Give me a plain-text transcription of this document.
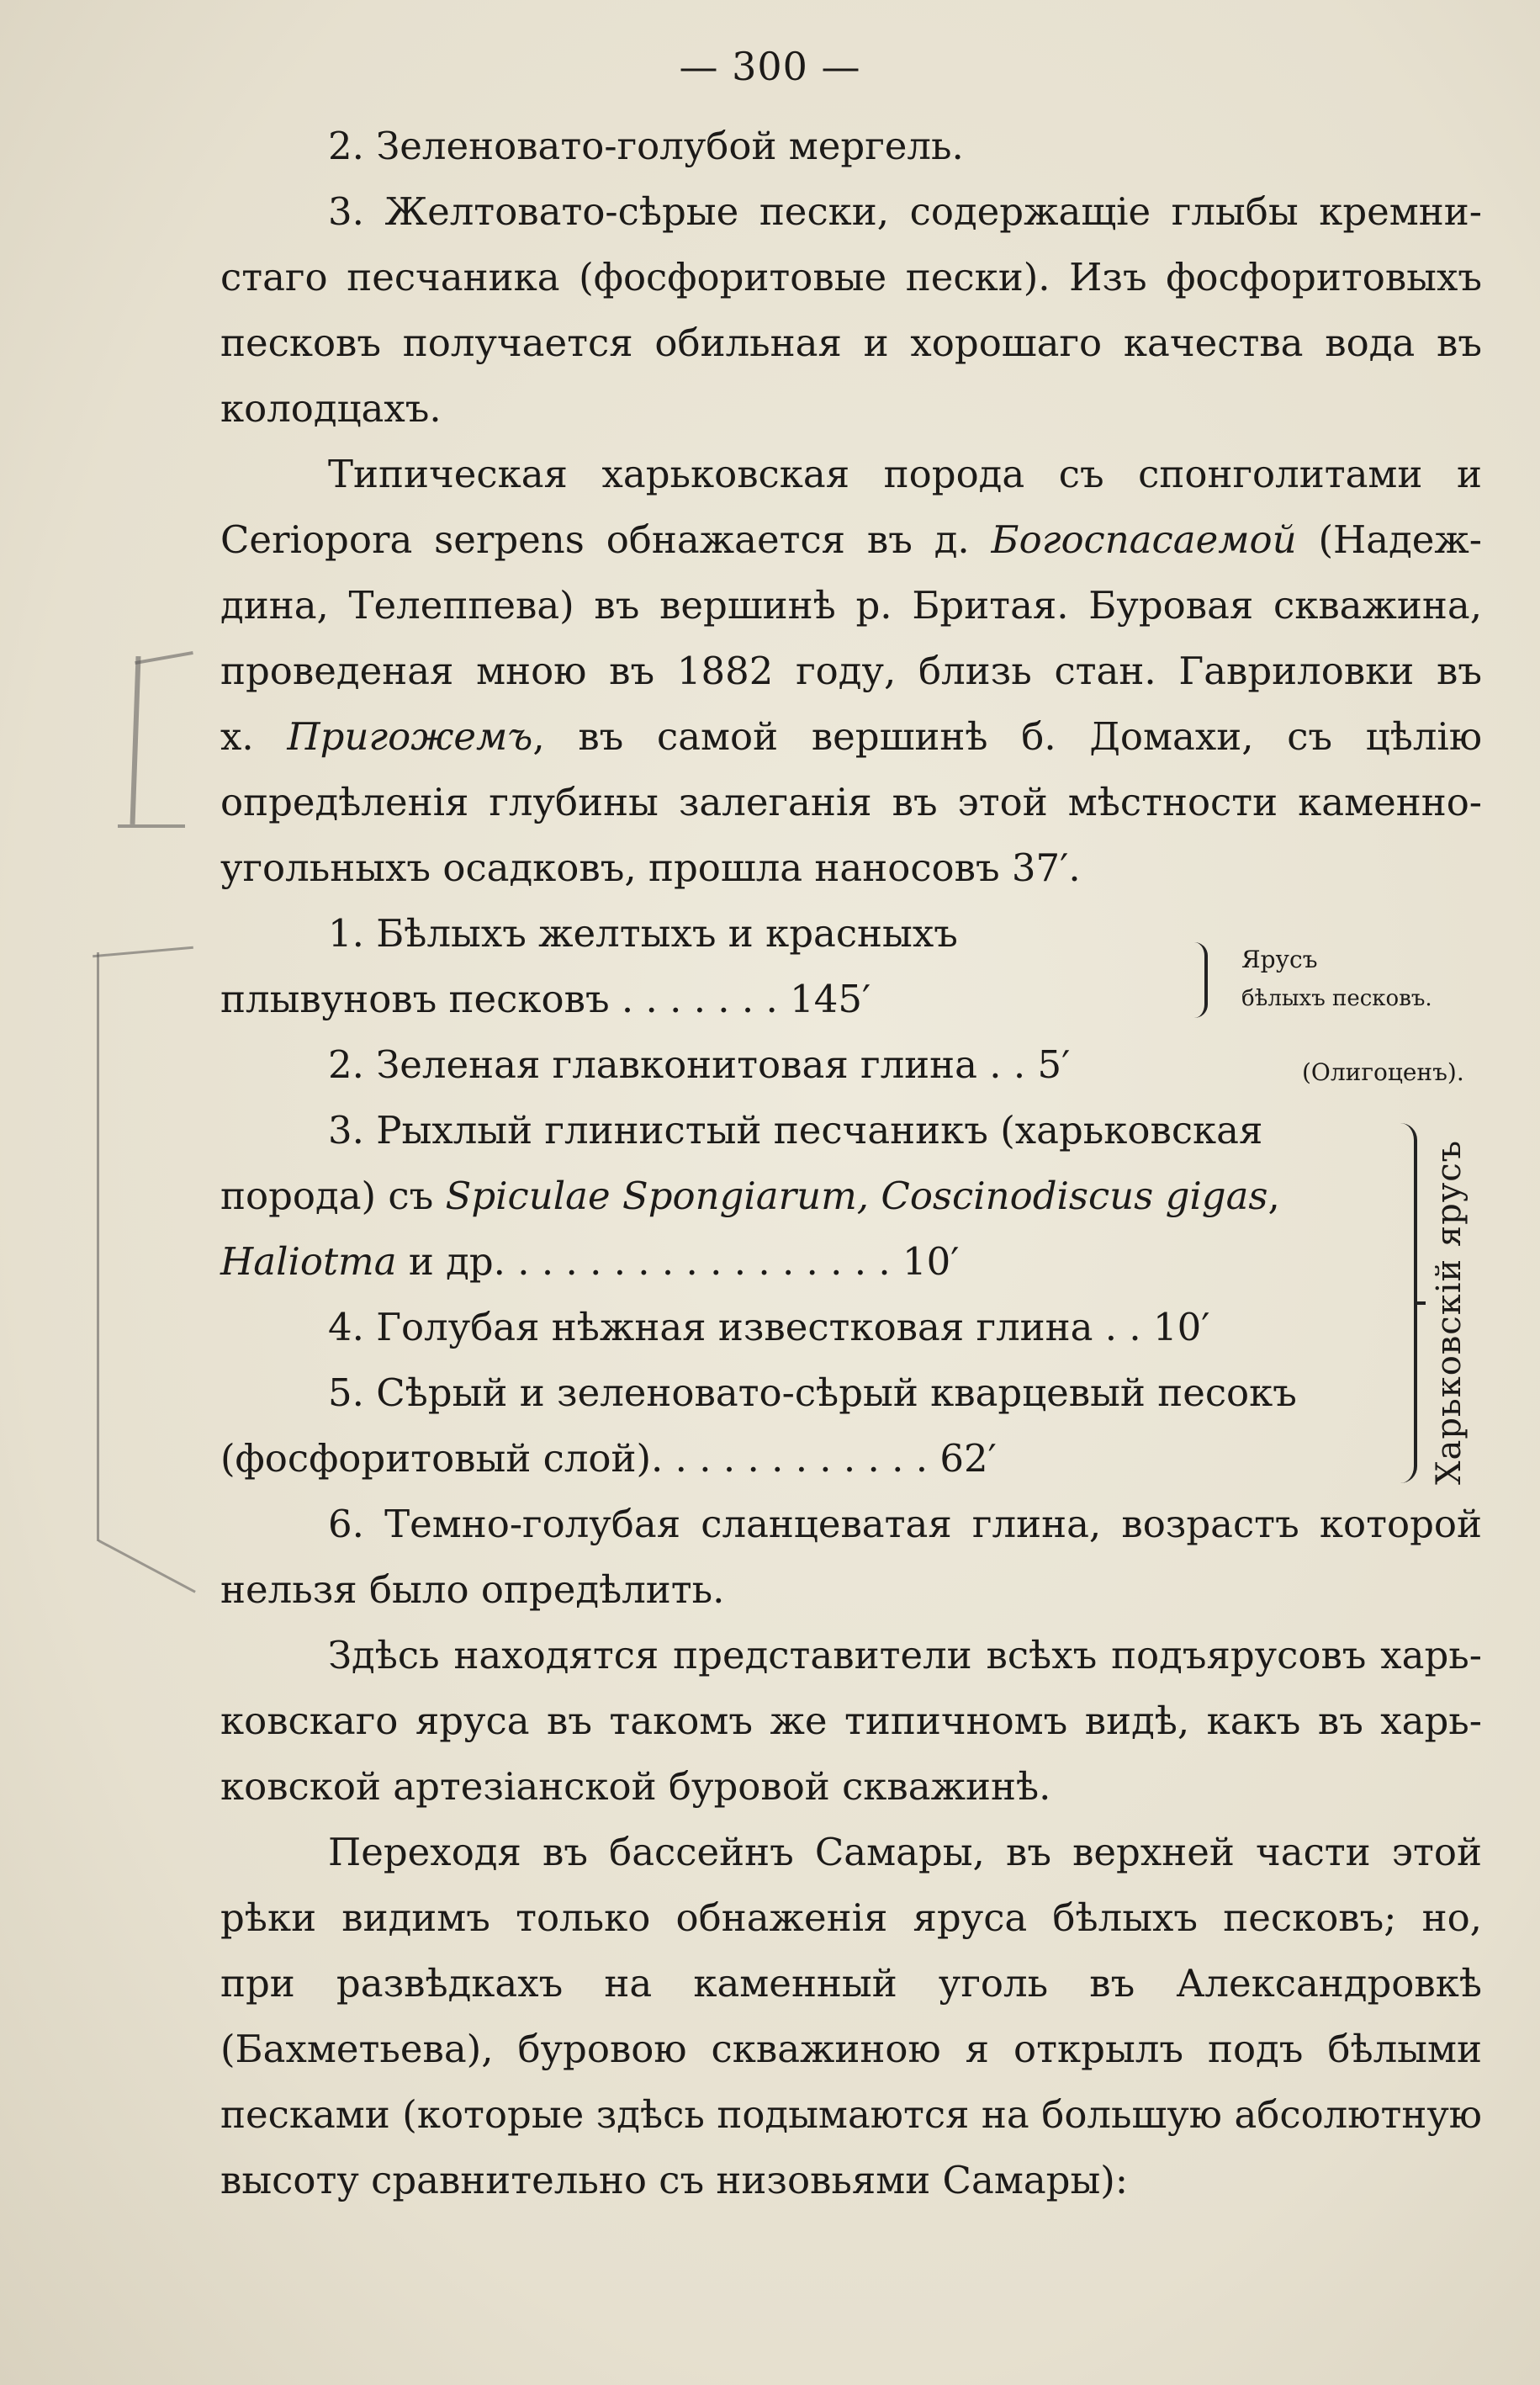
— 300 —
2. Зеленовато-голубой мергель.
3. Желтовато-сѣрые пески, содержащіе глыбы кремни-
стаго песчаника (фосфоритовые пески). Изъ фосфоритовыхъ
песковъ получается обильная и хорошаго качества вода въ
колодцахъ.
Типическая харьковская порода съ спонголитами и
Ceriopora serpens обнажается въ д. Богоспасаемой (Надеж-
дина, Телеппева) въ вершинѣ р. Бритая. Буровая скважина,
проведеная мною въ 1882 году, близь стан. Гавриловки въ
х. Пригожемъ, въ самой вершинѣ б. Домахи, съ цѣлію
опредѣленія глубины залеганія въ этой мѣстности каменно-
угольныхъ осадковъ, прошла наносовъ 37′.
1. Бѣлыхъ желтыхъ и красныхъ
плывуновъ песковъ . . . . . . . 145′
2. Зеленая главконитовая глина . . 5′
3. Рыхлый глинистый песчаникъ (харьковская
порода) съ Spiculae Spongiarum, Coscinodiscus gigas,
Haliotma и др. . . . . . . . . . . . . . . . . 10′
4. Голубая нѣжная известковая глина . . 10′
5. Сѣрый и зеленовато-сѣрый кварцевый песокъ
(фосфоритовый слой). . . . . . . . . . . . 62′
6. Темно-голубая сланцеватая глина, возрастъ которой
нельзя было опредѣлить.
Здѣсь находятся представители всѣхъ подъярусовъ харь-
ковскаго яруса въ такомъ же типичномъ видѣ, какъ въ харь-
ковской артезіанской буровой скважинѣ.
Переходя въ бассейнъ Самары, въ верхней части этой
рѣки видимъ только обнаженія яруса бѣлыхъ песковъ; но,
при развѣдкахъ на каменный уголь въ Александровкѣ
(Бахметьева), буровою скважиною я открылъ подъ бѣлыми
песками (которые здѣсь подымаются на большую абсолютную
высоту сравнительно съ низовьями Самары):
Ярусъ
бѣлыхъ песковъ.
(Олигоценъ).
Харьковскій ярусъ
